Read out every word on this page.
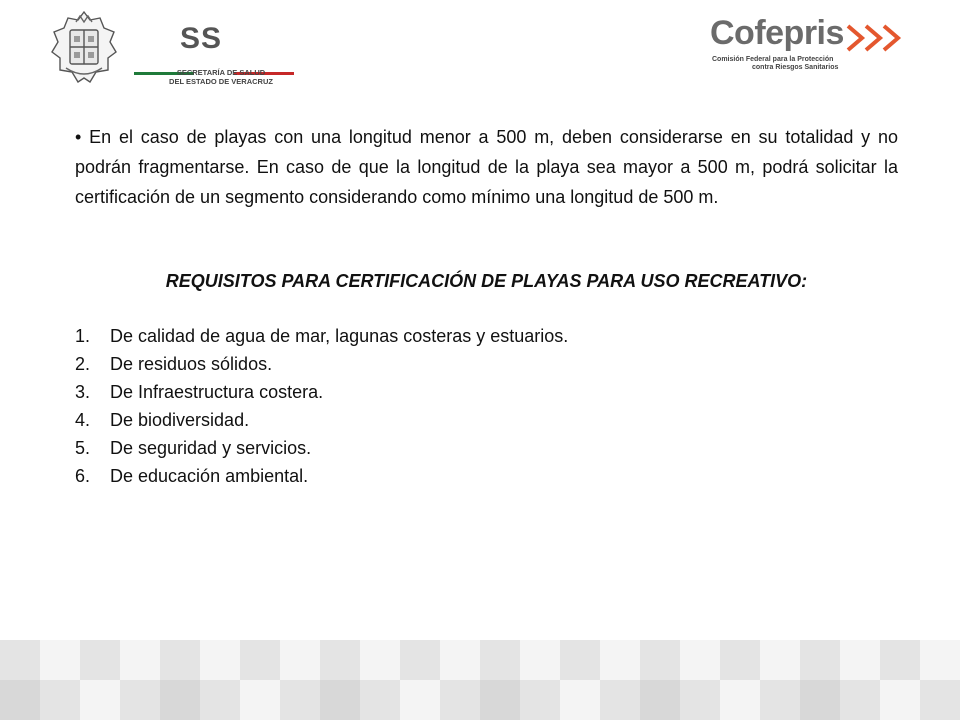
SS
SECRETARÍA DE SALUD
DEL ESTADO DE VERACRUZ
Cofepris
Comisión Federal para la Protección
contra Riesgos Sanitarios

• En el caso de playas con una longitud menor a 500 m, deben considerarse en su totalidad y no podrán fragmentarse. En caso de que la longitud de la playa sea mayor a 500 m, podrá solicitar la certificación de un segmento considerando como mínimo una longitud de 500 m.

REQUISITOS PARA CERTIFICACIÓN DE PLAYAS PARA USO RECREATIVO:

1.	De calidad de agua de mar, lagunas costeras y estuarios.
2.	De residuos sólidos.
3.	De Infraestructura costera.
4.	De biodiversidad.
5.	De seguridad y servicios.
6.	De educación ambiental.
